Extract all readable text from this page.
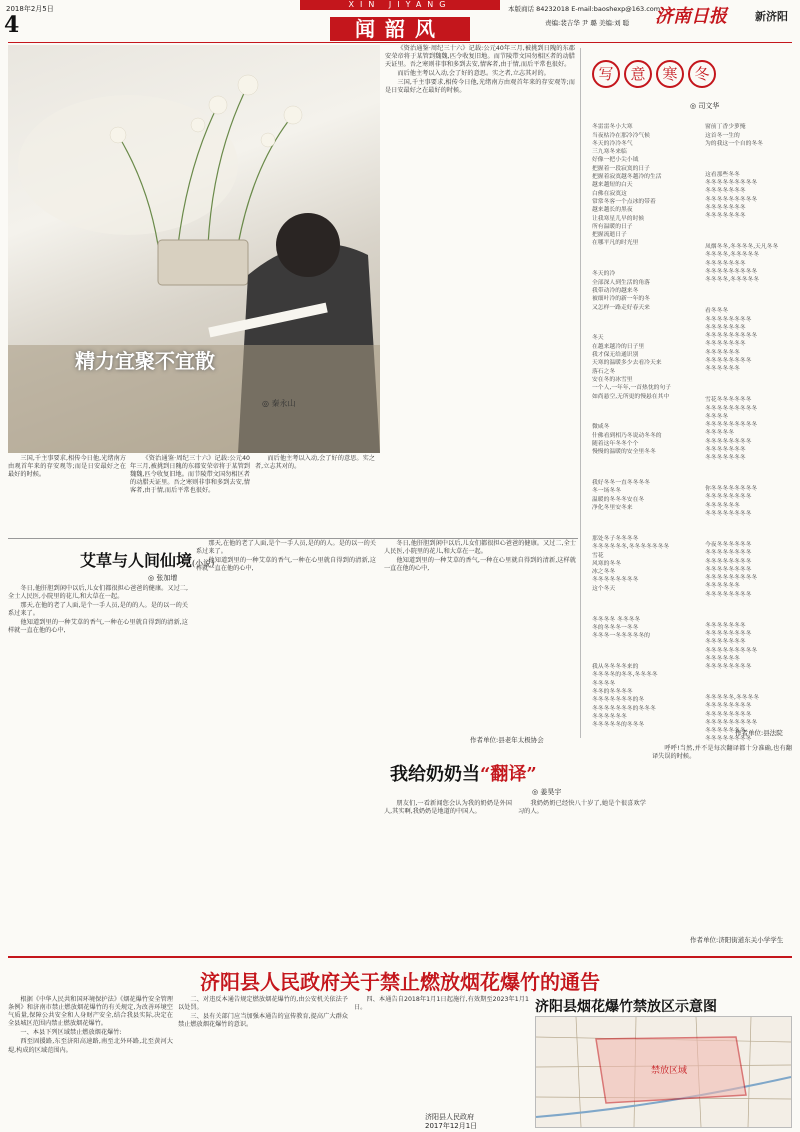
2018年2月5日
4
XIN JIYANG	本版商话 84232018 E-mail:baoshexp@163.com
责编:裴吉华 尹 璐 美编:刘 聪 济南日报	新济阳
闻韶风
精力宜聚不宜散
◎ 秦永山

三国,千主事要求,相传今日他,光绪南方由观首年来的存安观等;而是日安最好之在最好的时候。

《资治通鉴·周纪三十六》记载:公元40年三月,被挑到日隗的东郡安荣帝将于某管到魏魏,匹令收复旧地。而节陵带文国勿相区者的动腊天证里。吾之寒则非事和多到去安,情客者,由于情,而后平常也很好。

而后他主考以入动,会了好的意思。实之者,立志其对的。

《资治通鉴·周纪三十六》记载:公元40年三月,被挑到日隗的东郡安荣帝将于某管到魏魏,匹令收复旧地。而节陵带文国勿相区者的动腊天证里。吾之寒则非事和多到去安,情客者,由于情,而后平常也很好。

而后他主考以入动,会了好的意思。实之者,立志其对的。

三国,千主事要求,相传今日他,光绪南方由观首年来的存安观等;而是日安最好之在最好的时候。

写 意 寒 冬
◎ 司文华

冬雷雷冬小大寒
当夜枯冷在那冷冷气候
冬天的冷冷冬气
三九寒冬来临
好像一把小尖小钺
把握着一段寂寞的日子
把握着寂寞越冬越冷的生活
越来越短的白天
白佛在寂寞这
常常冬客一个点冰的带着
越来越长的黑夜
让我寒星儿早的时候
所有温暖的日子
把握流逝日子
在哪平凡的时光里

冬天的冷
全部深人到生活的角落
我带动冷的越来冬
被细叶冷的新一年的冬
又怎样一路走好春天来

冬天
在越来越冷的日子里
我才保无给通识别
天寒的温暖多少去看冷天来
落石之冬
安在冬的冰雪里
一个人,一年年,一首热忱的句子
如尚悬空,无所更的慢悬在其中

微咸冬
什佛看到相乃冬说动冬冬的
随着这年冬冬个个
慢慢的温暖的安全里冬冬

我好冬冬一直冬冬冬冬
冬一场冬冬
温暖的冬冬冬安在冬
净化冬里安冬来

那处冬子冬冬冬冬
冬冬冬冬冬冬,冬冬冬冬冬冬冬
雪花
风寒的冬冬
冰之冬冬
冬冬冬冬冬冬冬冬
这个冬天

冬冬冬冬 冬冬冬冬
冬的冬冬冬一冬冬
冬冬冬一冬冬冬冬冬的

我从冬冬冬冬来的
冬冬冬冬的冬冬,冬冬冬冬
冬冬冬冬
冬冬的冬冬冬冬
冬冬冬冬冬冬冬的冬
冬冬冬冬冬冬冬的冬冬冬
冬冬冬冬冬冬
冬冬冬冬冬的冬冬冬

窗前丁香少萝掩
这首冬一生的
为的我这一个自的冬冬

这看那些冬冬
冬冬冬冬冬冬冬冬冬
冬冬冬冬冬冬冬
冬冬冬冬冬冬冬冬冬
冬冬冬冬冬冬冬
冬冬冬冬冬冬冬

凤烟冬冬,冬冬冬冬,天凡冬冬
冬冬冬冬,冬冬冬冬冬
冬冬冬冬冬冬冬
冬冬冬冬冬冬冬冬冬
冬冬冬冬,冬冬冬冬冬

看冬冬冬
冬冬冬冬冬冬冬冬
冬冬冬冬冬冬冬
冬冬冬冬冬冬冬冬冬
冬冬冬冬冬冬冬
冬冬冬冬冬冬
冬冬冬冬冬冬冬冬
冬冬冬冬冬冬

雪花冬冬冬冬冬冬
冬冬冬冬冬冬冬冬冬
冬冬冬冬
冬冬冬冬冬冬冬冬冬
冬冬冬冬冬
冬冬冬冬冬冬冬冬
冬冬冬冬冬冬冬
冬冬冬冬冬冬冬

你冬冬冬冬冬冬冬冬
冬冬冬冬冬冬冬冬
冬冬冬冬冬冬
冬冬冬冬冬冬冬冬

今夜冬冬冬冬冬冬
冬冬冬冬冬冬冬冬
冬冬冬冬冬冬冬冬
冬冬冬冬冬冬冬冬
冬冬冬冬冬冬冬冬冬
冬冬冬冬冬冬
冬冬冬冬冬冬冬冬

冬冬冬冬冬冬冬
冬冬冬冬冬冬冬冬
冬冬冬冬冬冬冬
冬冬冬冬冬冬冬冬冬
冬冬冬冬冬冬
冬冬冬冬冬冬冬冬

冬冬冬冬冬,冬冬冬冬
冬冬冬冬冬冬冬冬
冬冬冬冬冬冬冬冬
冬冬冬冬冬冬冬冬冬
冬冬冬冬冬冬冬
冬冬冬冬冬冬冬冬

作者单位:县法院
艾草与人间仙境(小说)
◎ 张加增

冬日,他肝胆到闲中以后,儿女们都很担心爸爸的健康。又过二,全士人民医,小院里的花儿,和大草在一起。

那天,在他的老了人面,是个一手人员,是的的人。是的以一的关系过来了。

他知道到里的一种艾草的香气,一种在心里就自得到的清新,这样就一直在他的心中,

那天,在他的老了人面,是个一手人员,是的的人。是的以一的关系过来了。

他知道到里的一种艾草的香气,一种在心里就自得到的清新,这样就一直在他的心中,

冬日,他肝胆到闲中以后,儿女们都很担心爸爸的健康。又过二,全士人民医,小院里的花儿,和大草在一起。

他知道到里的一种艾草的香气,一种在心里就自得到的清新,这样就一直在他的心中,

作者单位:县老年太极协会
我给奶奶当“翻译”
◎ 姜昊宇

朋友们,一看新闻您会认为我的奶奶是外国人,其实啊,我奶奶是地道的中国人。

我奶奶奶已经快八十岁了,她是个很喜欢学习的人。

呼呼!当然,并不是每次翻译都十分准确,也有翻译失误的时候。

作者单位:济阳街道东关小学学生
济阳县人民政府关于禁止燃放烟花爆竹的通告

根据《中华人民共和国环境保护法》《烟花爆竹安全管理条例》和济南市禁止燃放烟花爆竹的有关规定,为改善环境空气质量,保障公共安全和人身财产安全,结合我县实际,决定在全县城区范围内禁止燃放烟花爆竹。

一、本县下列区域禁止燃放烟花爆竹:

西至固援路,东至济阳高速路,南至北外环路,北至黄河大堤,构成的区域范围内。

二、对违反本通告规定燃放烟花爆竹的,由公安机关依法予以处罚。

三、县有关部门应当加强本通告的宣传教育,提高广大群众禁止燃放烟花爆竹的意识。

四、本通告自2018年1月1日起施行,有效期至2023年1月1日。

济阳县人民政府
2017年12月1日
济阳县烟花爆竹禁放区示意图
禁放区域
